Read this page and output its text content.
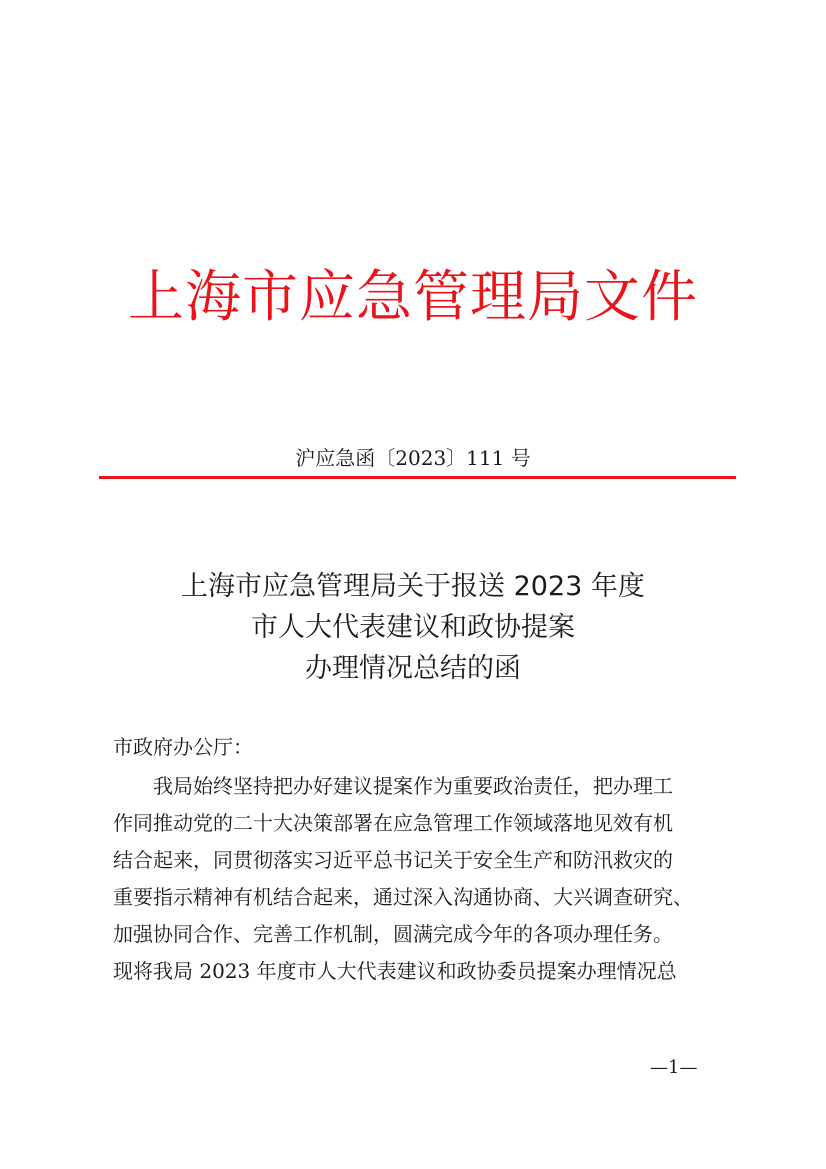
上海市应急管理局文件
沪应急函〔2023〕111 号
上海市应急管理局关于报送 2023 年度
市人大代表建议和政协提案
办理情况总结的函
市政府办公厅：
我局始终坚持把办好建议提案作为重要政治责任，把办理工
作同推动党的二十大决策部署在应急管理工作领域落地见效有机
结合起来，同贯彻落实习近平总书记关于安全生产和防汛救灾的
重要指示精神有机结合起来，通过深入沟通协商、大兴调查研究、
加强协同合作、完善工作机制，圆满完成今年的各项办理任务。
现将我局 2023 年度市人大代表建议和政协委员提案办理情况总
—1—
